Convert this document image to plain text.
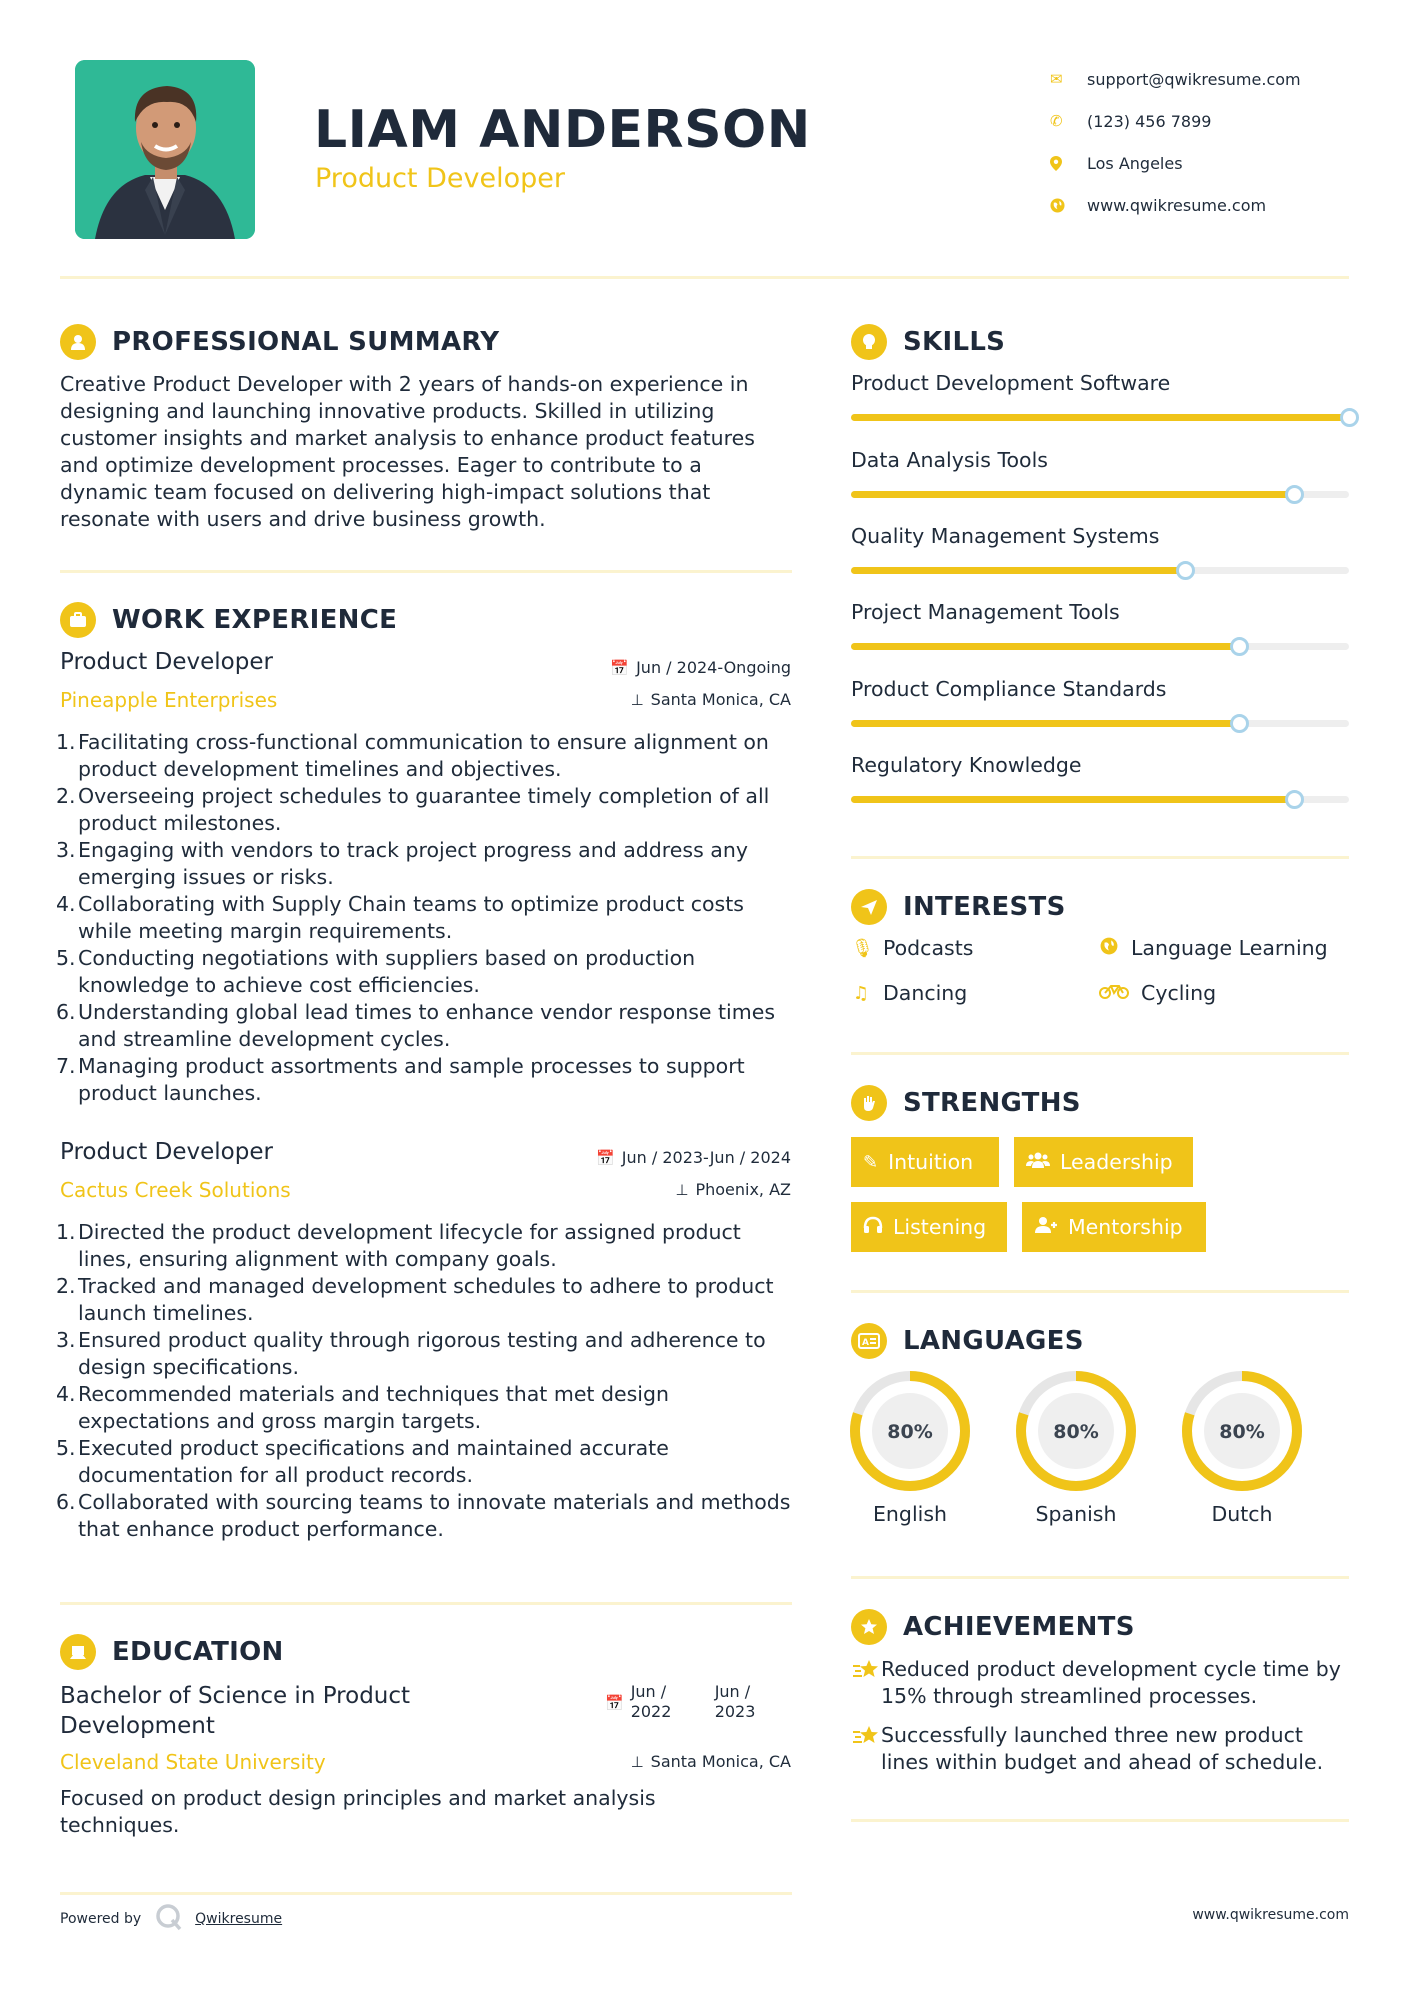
LIAM ANDERSON
Product Developer
✉	support@qwikresume.com
✆	(123) 456 7899
Los Angeles
www.qwikresume.com
PROFESSIONAL SUMMARY
Creative Product Developer with 2 years of hands-on experience in designing and launching innovative products. Skilled in utilizing customer insights and market analysis to enhance product features and optimize development processes. Eager to contribute to a dynamic team focused on delivering high-impact solutions that resonate with users and drive business growth.
WORK EXPERIENCE
Product Developer
Pineapple Enterprises
📅 Jun / 2024-Ongoing
⊥ Santa Monica, CA
1. Facilitating cross-functional communication to ensure alignment on product development timelines and objectives.
2. Overseeing project schedules to guarantee timely completion of all product milestones.
3. Engaging with vendors to track project progress and address any emerging issues or risks.
4. Collaborating with Supply Chain teams to optimize product costs while meeting margin requirements.
5. Conducting negotiations with suppliers based on production knowledge to achieve cost efficiencies.
6. Understanding global lead times to enhance vendor response times and streamline development cycles.
7. Managing product assortments and sample processes to support product launches.
Product Developer
Cactus Creek Solutions
📅 Jun / 2023-Jun / 2024
⊥ Phoenix, AZ
1. Directed the product development lifecycle for assigned product lines, ensuring alignment with company goals.
2. Tracked and managed development schedules to adhere to product launch timelines.
3. Ensured product quality through rigorous testing and adherence to design specifications.
4. Recommended materials and techniques that met design expectations and gross margin targets.
5. Executed product specifications and maintained accurate documentation for all product records.
6. Collaborated with sourcing teams to innovate materials and methods that enhance product performance.
EDUCATION
Bachelor of Science in Product Development
Cleveland State University
📅
Jun / 2022
Jun / 2023
⊥ Santa Monica, CA
Focused on product design principles and market analysis techniques.
SKILLS
Product Development Software
Data Analysis Tools
Quality Management Systems
Project Management Tools
Product Compliance Standards
Regulatory Knowledge
INTERESTS
🎙 Podcasts	Language Learning
♫ Dancing	Cycling
STRENGTHS
✎ Intuition	Leadership
Listening	Mentorship
A LANGUAGES
80%
English
80%
Spanish
80%
Dutch
ACHIEVEMENTS
Reduced product development cycle time by 15% through streamlined processes.
Successfully launched three new product lines within budget and ahead of schedule.
Powered by	Qwikresume	www.qwikresume.com
